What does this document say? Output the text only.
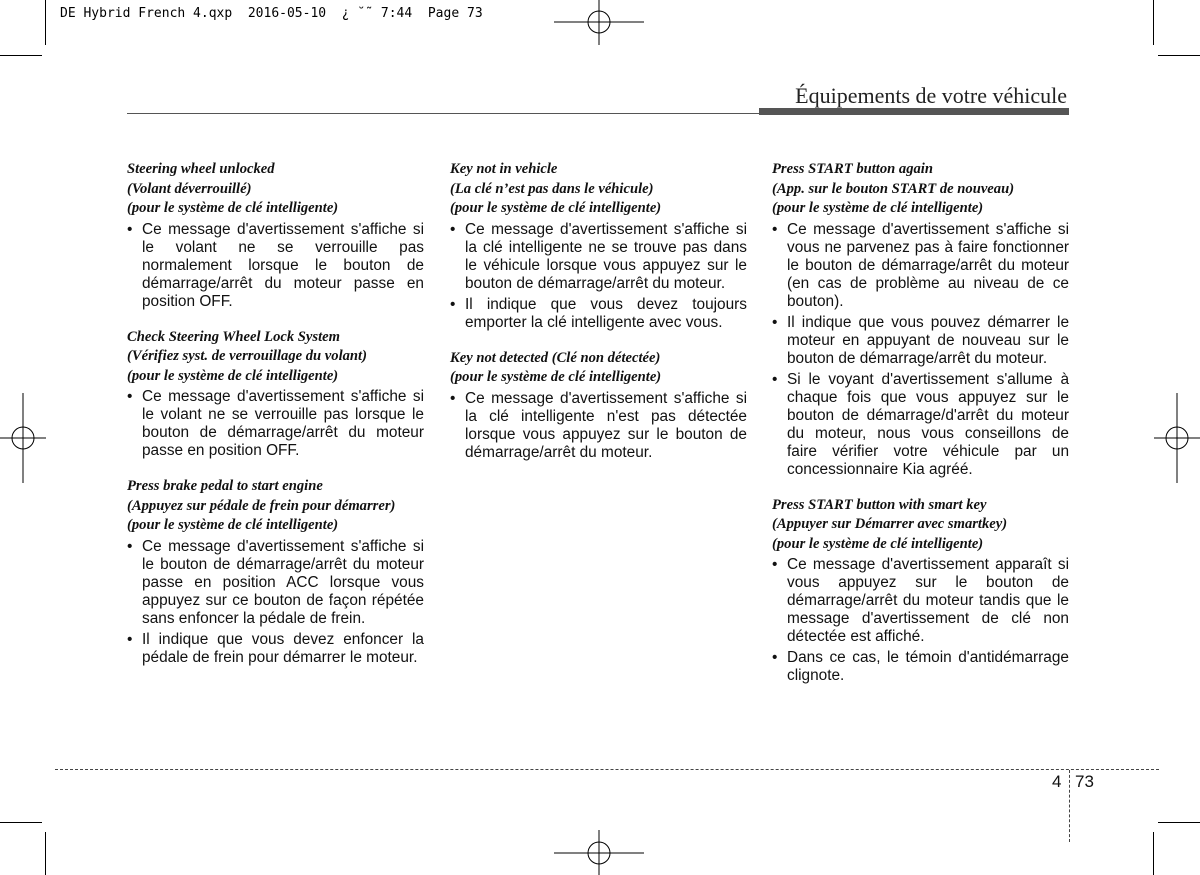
DE Hybrid French 4.qxp  2016-05-10  ¿ ˘˜ 7:44  Page 73
Équipements de votre véhicule
Steering wheel unlocked
(Volant déverrouillé)
(pour le système de clé intelligente)
• Ce message d'avertissement s'affiche si le volant ne se verrouille pas normalement lorsque le bouton de démarrage/arrêt du moteur passe en position OFF.
Check Steering Wheel Lock System
(Vérifiez syst. de verrouillage du volant)
(pour le système de clé intelligente)
• Ce message d'avertissement s'affiche si le volant ne se verrouille pas lorsque le bouton de démarrage/arrêt du moteur passe en position OFF.
Press brake pedal to start engine
(Appuyez sur pédale de frein pour démarrer)
(pour le système de clé intelligente)
• Ce message d'avertissement s'affiche si le bouton de démarrage/arrêt du moteur passe en position ACC lorsque vous appuyez sur ce bouton de façon répétée sans enfoncer la pédale de frein.
• Il indique que vous devez enfoncer la pédale de frein pour démarrer le moteur.
Key not in vehicle
(La clé n’est pas dans le véhicule)
(pour le système de clé intelligente)
• Ce message d'avertissement s'affiche si la clé intelligente ne se trouve pas dans le véhicule lorsque vous appuyez sur le bouton de démarrage/arrêt du moteur.
• Il indique que vous devez toujours emporter la clé intelligente avec vous.
Key not detected (Clé non détectée)
(pour le système de clé intelligente)
• Ce message d'avertissement s'affiche si la clé intelligente n'est pas détectée lorsque vous appuyez sur le bouton de démarrage/arrêt du moteur.
Press START button again
(App. sur le bouton START de nouveau)
(pour le système de clé intelligente)
• Ce message d'avertissement s'affiche si vous ne parvenez pas à faire fonctionner le bouton de démarrage/arrêt du moteur (en cas de problème au niveau de ce bouton).
• Il indique que vous pouvez démarrer le moteur en appuyant de nouveau sur le bouton de démarrage/arrêt du moteur.
• Si le voyant d'avertissement s'allume à chaque fois que vous appuyez sur le bouton de démarrage/d'arrêt du moteur du moteur, nous vous conseillons de faire vérifier votre véhicule par un concessionnaire Kia agréé.
Press START button with smart key
(Appuyer sur Démarrer avec smartkey)
(pour le système de clé intelligente)
• Ce message d'avertissement apparaît si vous appuyez sur le bouton de démarrage/arrêt du moteur tandis que le message d'avertissement de clé non détectée est affiché.
• Dans ce cas, le témoin d'antidémarrage clignote.
4 73
